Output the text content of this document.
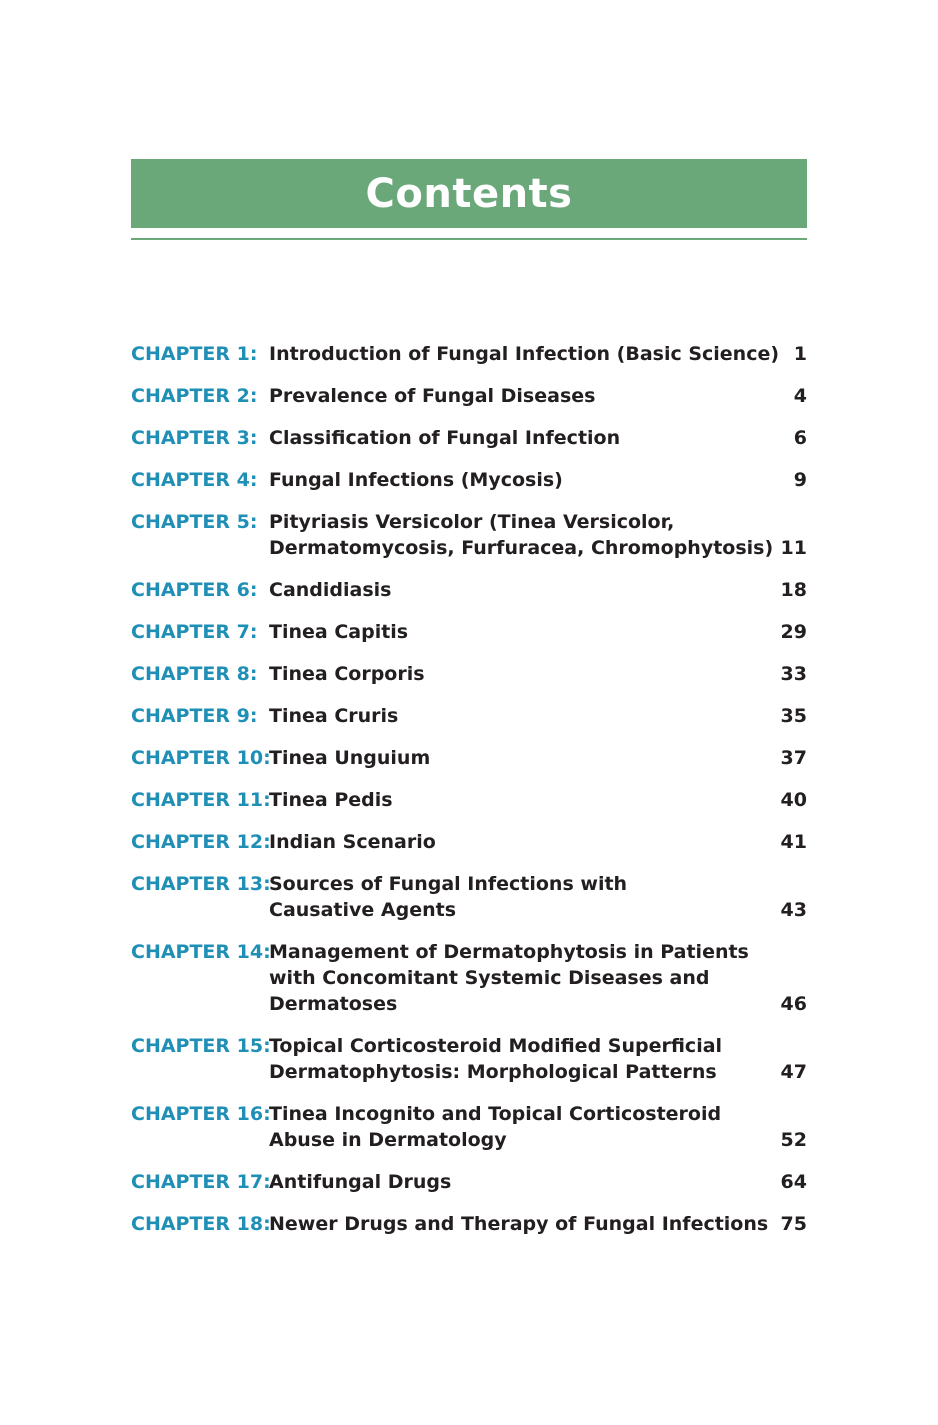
Contents
CHAPTER 1: Introduction of Fungal Infection (Basic Science) 1
CHAPTER 2: Prevalence of Fungal Diseases	4
CHAPTER 3: Classification of Fungal Infection	6
CHAPTER 4: Fungal Infections (Mycosis)	9
CHAPTER 5: Pityriasis Versicolor (Tinea Versicolor,
Dermatomycosis, Furfuracea, Chromophytosis) 11
CHAPTER 6: Candidiasis	18
CHAPTER 7: Tinea Capitis	29
CHAPTER 8: Tinea Corporis	33
CHAPTER 9: Tinea Cruris	35
CHAPTER 10:
Tinea Unguium	37
CHAPTER 11:
Tinea Pedis	40
CHAPTER 12:
Indian Scenario	41
CHAPTER 13:
Sources of Fungal Infections with
Causative Agents	43
CHAPTER 14:
Management of Dermatophytosis in Patients
with Concomitant Systemic Diseases and
Dermatoses	46
CHAPTER 15:
Topical Corticosteroid Modified Superficial
Dermatophytosis: Morphological Patterns	47
CHAPTER 16:
Tinea Incognito and Topical Corticosteroid
Abuse in Dermatology	52
CHAPTER 17:
Antifungal Drugs	64
CHAPTER 18:
Newer Drugs and Therapy of Fungal Infections 75
